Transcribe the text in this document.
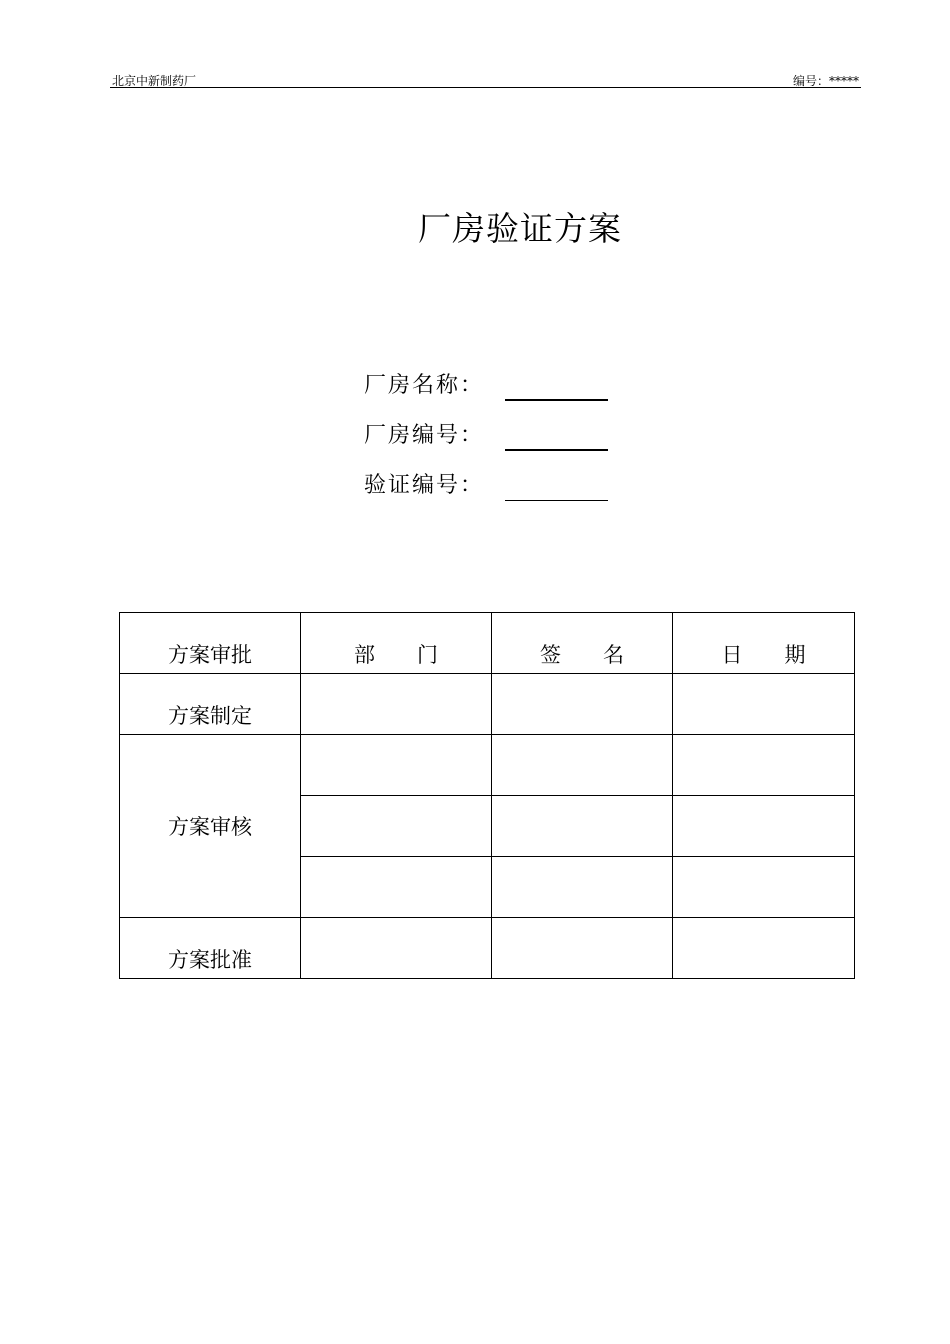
北京中新制药厂	编号：*****
厂房验证方案
厂房名称：
厂房编号：
验证编号：
方案审批	部　　门	签　　名	日　　期
方案制定			
方案审核			

方案批准			
